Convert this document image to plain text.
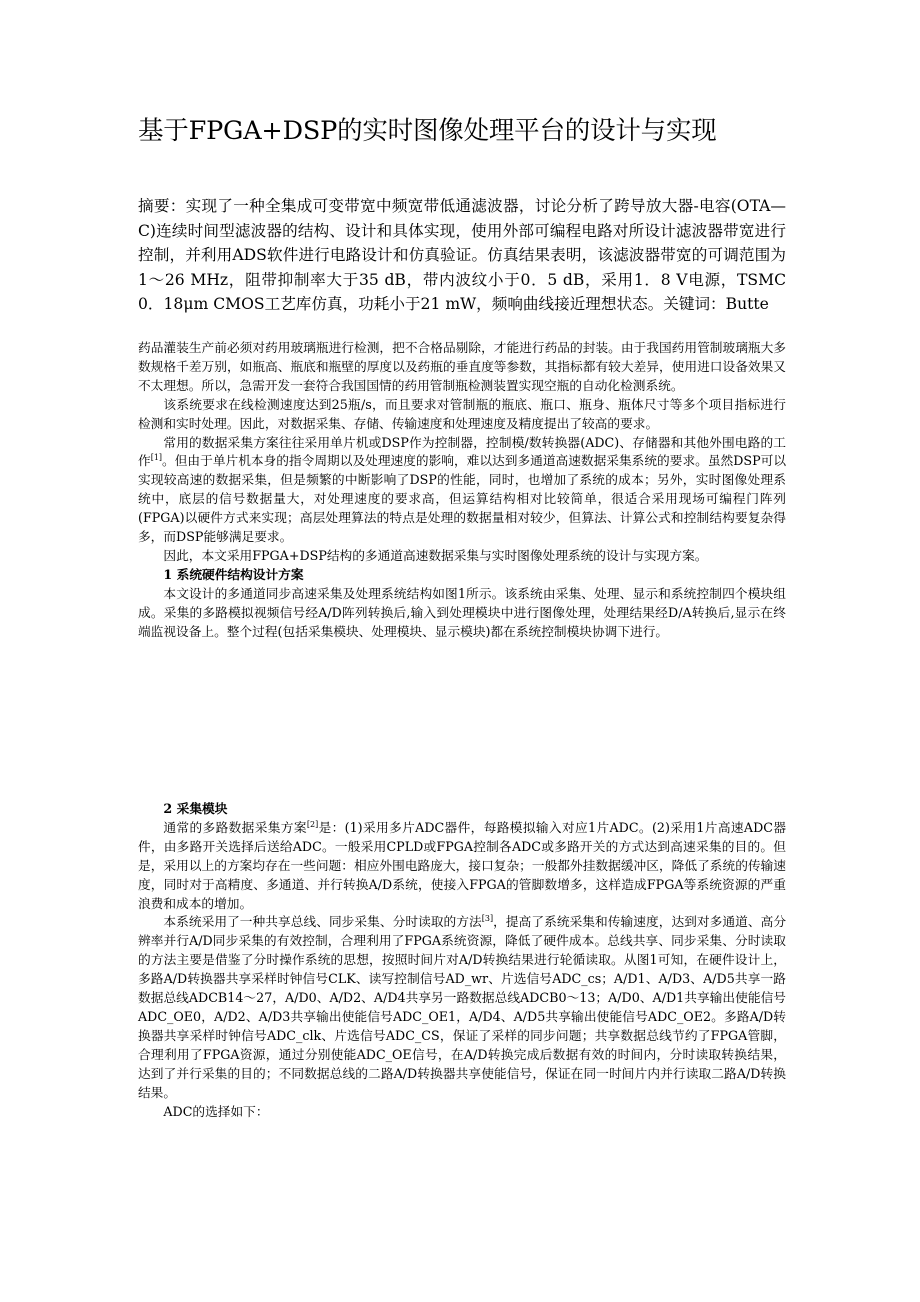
基于FPGA+DSP的实时图像处理平台的设计与实现

摘要：实现了一种全集成可变带宽中频宽带低通滤波器，讨论分析了跨导放大器-电容(OTA—C)连续时间型滤波器的结构、设计和具体实现，使用外部可编程电路对所设计滤波器带宽进行控制，并利用ADS软件进行电路设计和仿真验证。仿真结果表明，该滤波器带宽的可调范围为1～26 MHz，阻带抑制率大于35 dB，带内波纹小于0．5 dB，采用1．8 V电源，TSMC 0．18μm CMOS工艺库仿真，功耗小于21 mW，频响曲线接近理想状态。关键词：Butte

药品灌装生产前必须对药用玻璃瓶进行检测，把不合格品剔除，才能进行药品的封装。由于我国药用管制玻璃瓶大多数规格千差万别，如瓶高、瓶底和瓶壁的厚度以及药瓶的垂直度等参数，其指标都有较大差异，使用进口设备效果又不太理想。所以，急需开发一套符合我国国情的药用管制瓶检测装置实现空瓶的自动化检测系统。

该系统要求在线检测速度达到25瓶/s，而且要求对管制瓶的瓶底、瓶口、瓶身、瓶体尺寸等多个项目指标进行检测和实时处理。因此，对数据采集、存储、传输速度和处理速度及精度提出了较高的要求。

常用的数据采集方案往往采用单片机或DSP作为控制器，控制模/数转换器(ADC)、存储器和其他外围电路的工作[1]。但由于单片机本身的指令周期以及处理速度的影响，难以达到多通道高速数据采集系统的要求。虽然DSP可以实现较高速的数据采集，但是频繁的中断影响了DSP的性能，同时，也增加了系统的成本；另外，实时图像处理系统中，底层的信号数据量大，对处理速度的要求高，但运算结构相对比较简单，很适合采用现场可编程门阵列(FPGA)以硬件方式来实现；高层处理算法的特点是处理的数据量相对较少，但算法、计算公式和控制结构要复杂得多，而DSP能够满足要求。

因此，本文采用FPGA+DSP结构的多通道高速数据采集与实时图像处理系统的设计与实现方案。

1 系统硬件结构设计方案

本文设计的多通道同步高速采集及处理系统结构如图1所示。该系统由采集、处理、显示和系统控制四个模块组成。采集的多路模拟视频信号经A/D阵列转换后,输入到处理模块中进行图像处理，处理结果经D/A转换后,显示在终端监视设备上。整个过程(包括采集模块、处理模块、显示模块)都在系统控制模块协调下进行。

2 采集模块

通常的多路数据采集方案[2]是：(1)采用多片ADC器件，每路模拟输入对应1片ADC。(2)采用1片高速ADC器件，由多路开关选择后送给ADC。一般采用CPLD或FPGA控制各ADC或多路开关的方式达到高速采集的目的。但是，采用以上的方案均存在一些问题：相应外围电路庞大，接口复杂；一般都外挂数据缓冲区，降低了系统的传输速度，同时对于高精度、多通道、并行转换A/D系统，使接入FPGA的管脚数增多，这样造成FPGA等系统资源的严重浪费和成本的增加。

本系统采用了一种共享总线、同步采集、分时读取的方法[3]，提高了系统采集和传输速度，达到对多通道、高分辨率并行A/D同步采集的有效控制，合理利用了FPGA系统资源，降低了硬件成本。总线共享、同步采集、分时读取的方法主要是借鉴了分时操作系统的思想，按照时间片对A/D转换结果进行轮循读取。从图1可知，在硬件设计上，多路A/D转换器共享采样时钟信号CLK、读写控制信号AD_wr、片选信号ADC_cs；A/D1、A/D3、A/D5共享一路数据总线ADCB14～27，A/D0、A/D2、A/D4共享另一路数据总线ADCB0～13；A/D0、A/D1共享输出使能信号ADC_OE0，A/D2、A/D3共享输出使能信号ADC_OE1，A/D4、A/D5共享输出使能信号ADC_OE2。多路A/D转换器共享采样时钟信号ADC_clk、片选信号ADC_CS，保证了采样的同步问题；共享数据总线节约了FPGA管脚，合理利用了FPGA资源，通过分别使能ADC_OE信号，在A/D转换完成后数据有效的时间内，分时读取转换结果，达到了并行采集的目的；不同数据总线的二路A/D转换器共享使能信号，保证在同一时间片内并行读取二路A/D转换结果。

ADC的选择如下：
